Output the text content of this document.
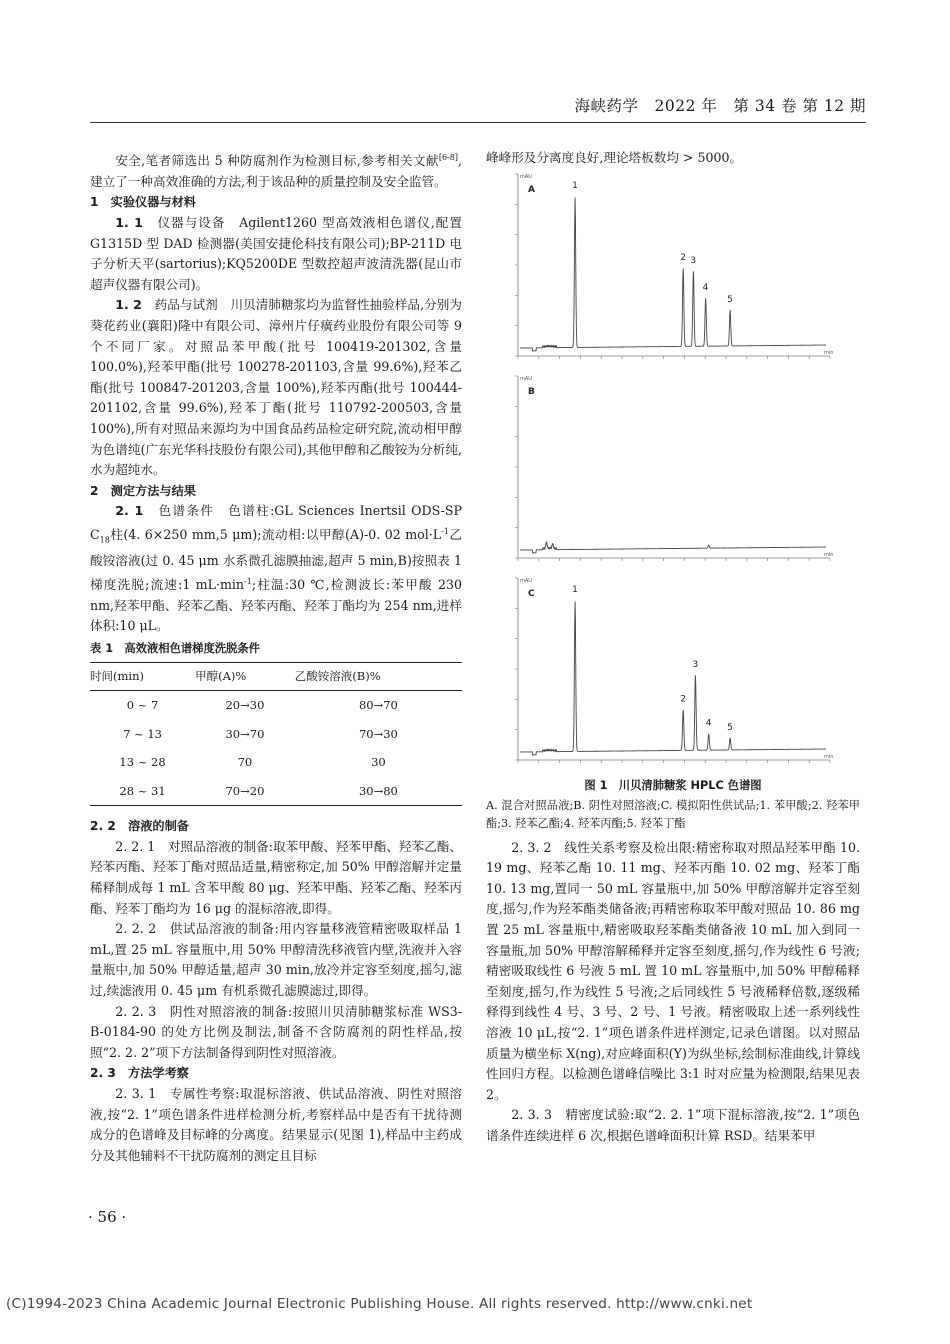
海峡药学　2022 年　第 34 卷 第 12 期

安全,笔者筛选出 5 种防腐剂作为检测目标,参考相关文献[6-8],建立了一种高效准确的方法,利于该品种的质量控制及安全监管。

1　实验仪器与材料

1. 1　 仪器与设备　 Agilent1260 型高效液相色谱仪,配置 G1315D 型 DAD 检测器(美国安捷伦科技有限公司);BP-211D 电子分析天平(sartorius);KQ5200DE 型数控超声波清洗器(昆山市超声仪器有限公司)。

1. 2　 药品与试剂　 川贝清肺糖浆均为监督性抽验样品,分别为葵花药业(襄阳)隆中有限公司、漳州片仔癀药业股份有限公司等 9 个不同厂家。对照品苯甲酸(批号 100419-201302,含量 100.0%),羟苯甲酯(批号 100278-201103,含量 99.6%),羟苯乙酯(批号 100847-201203,含量 100%),羟苯丙酯(批号 100444-201102,含量 99.6%),羟苯丁酯(批号 110792-200503,含量 100%),所有对照品来源均为中国食品药品检定研究院,流动相甲醇为色谱纯(广东光华科技股份有限公司),其他甲醇和乙酸铵为分析纯,水为超纯水。

2　测定方法与结果

2. 1　 色谱条件　 色谱柱:GL Sciences Inertsil ODS-SP $C_{18}$柱(4. 6×250 mm,5 μm);流动相:以甲醇(A)-0. 02 $mol\cdot L^{-1}$乙酸铵溶液(过 0. 45 μm 水系微孔滤膜抽滤,超声 5 min,B)按照表 1 梯度洗脱;流速:1 $mL\cdot\min^{-1}$;柱温:30 ℃,检测波长:苯甲酸 230 nm,羟苯甲酯、羟苯乙酯、羟苯丙酯、羟苯丁酯均为 254 nm,进样体积:10 μL。

表 1　高效液相色谱梯度洗脱条件

时间(min)	甲醇(A)%	乙酸铵溶液(B)%
0 ~ 7	20→30	80→70
7 ~ 13	30→70	70→30
13 ~ 28	70	30
28 ~ 31	70→20	30→80

2. 2　溶液的制备

2. 2. 1　 对照品溶液的制备:取苯甲酸、羟苯甲酯、羟苯乙酯、羟苯丙酯、羟苯丁酯对照品适量,精密称定,加 50% 甲醇溶解并定量稀释制成每 1 mL 含苯甲酸 80 μg、羟苯甲酯、羟苯乙酯、羟苯丙酯、羟苯丁酯均为 16 μg 的混标溶液,即得。

2. 2. 2　 供试品溶液的制备:用内容量移液管精密吸取样品 1 mL,置 25 mL 容量瓶中,用 50% 甲醇清洗移液管内壁,洗液并入容量瓶中,加 50% 甲醇适量,超声 30 min,放冷并定容至刻度,摇匀,滤过,续滤液用 0. 45 μm 有机系微孔滤膜滤过,即得。

2. 2. 3　 阴性对照溶液的制备:按照川贝清肺糖浆标准 WS3-B-0184-90 的处方比例及制法,制备不含防腐剂的阴性样品,按照“2. 2. 2”项下方法制备得到阴性对照溶液。

2. 3　方法学考察

2. 3. 1　 专属性考察:取混标溶液、供试品溶液、阴性对照溶液,按“2. 1”项色谱条件进样检测分析,考察样品中是否有干扰待测成分的色谱峰及目标峰的分离度。结果显示(见图 1),样品中主药成分及其他辅料不干扰防腐剂的测定且目标

峰峰形及分离度良好,理论塔板数均 > 5000。

mAU
min
A	1
2 3
4
5
mAU
min
B
mAU
min
C	1
2
3
4 5

图 1　川贝清肺糖浆 HPLC 色谱图

A. 混合对照品液;B. 阴性对照溶液;C. 模拟阳性供试品;1. 苯甲酸;2. 羟苯甲酯;3. 羟苯乙酯;4. 羟苯丙酯;5. 羟苯丁酯

2. 3. 2　 线性关系考察及检出限:精密称取对照品羟苯甲酯 10. 19 mg、羟苯乙酯 10. 11 mg、羟苯丙酯 10. 02 mg、羟苯丁酯 10. 13 mg,置同一 50 mL 容量瓶中,加 50% 甲醇溶解并定容至刻度,摇匀,作为羟苯酯类储备液;再精密称取苯甲酸对照品 10. 86 mg 置 25 mL 容量瓶中,精密吸取羟苯酯类储备液 10 mL 加入到同一容量瓶,加 50% 甲醇溶解稀释并定容至刻度,摇匀,作为线性 6 号液;精密吸取线性 6 号液 5 mL 置 10 mL 容量瓶中,加 50% 甲醇稀释至刻度,摇匀,作为线性 5 号液;之后同线性 5 号液稀释倍数,逐级稀释得到线性 4 号、3 号、2 号、1 号液。精密吸取上述一系列线性溶液 10 μL,按“2. 1”项色谱条件进样测定,记录色谱图。以对照品质量为横坐标 X(ng),对应峰面积(Y)为纵坐标,绘制标准曲线,计算线性回归方程。以检测色谱峰信噪比 3:1 时对应量为检测限,结果见表 2。

2. 3. 3　 精密度试验:取“2. 2. 1”项下混标溶液,按“2. 1”项色谱条件连续进样 6 次,根据色谱峰面积计算 RSD。结果苯甲

· 56 ·
(C)1994-2023 China Academic Journal Electronic Publishing House. All rights reserved. http://www.cnki.net
